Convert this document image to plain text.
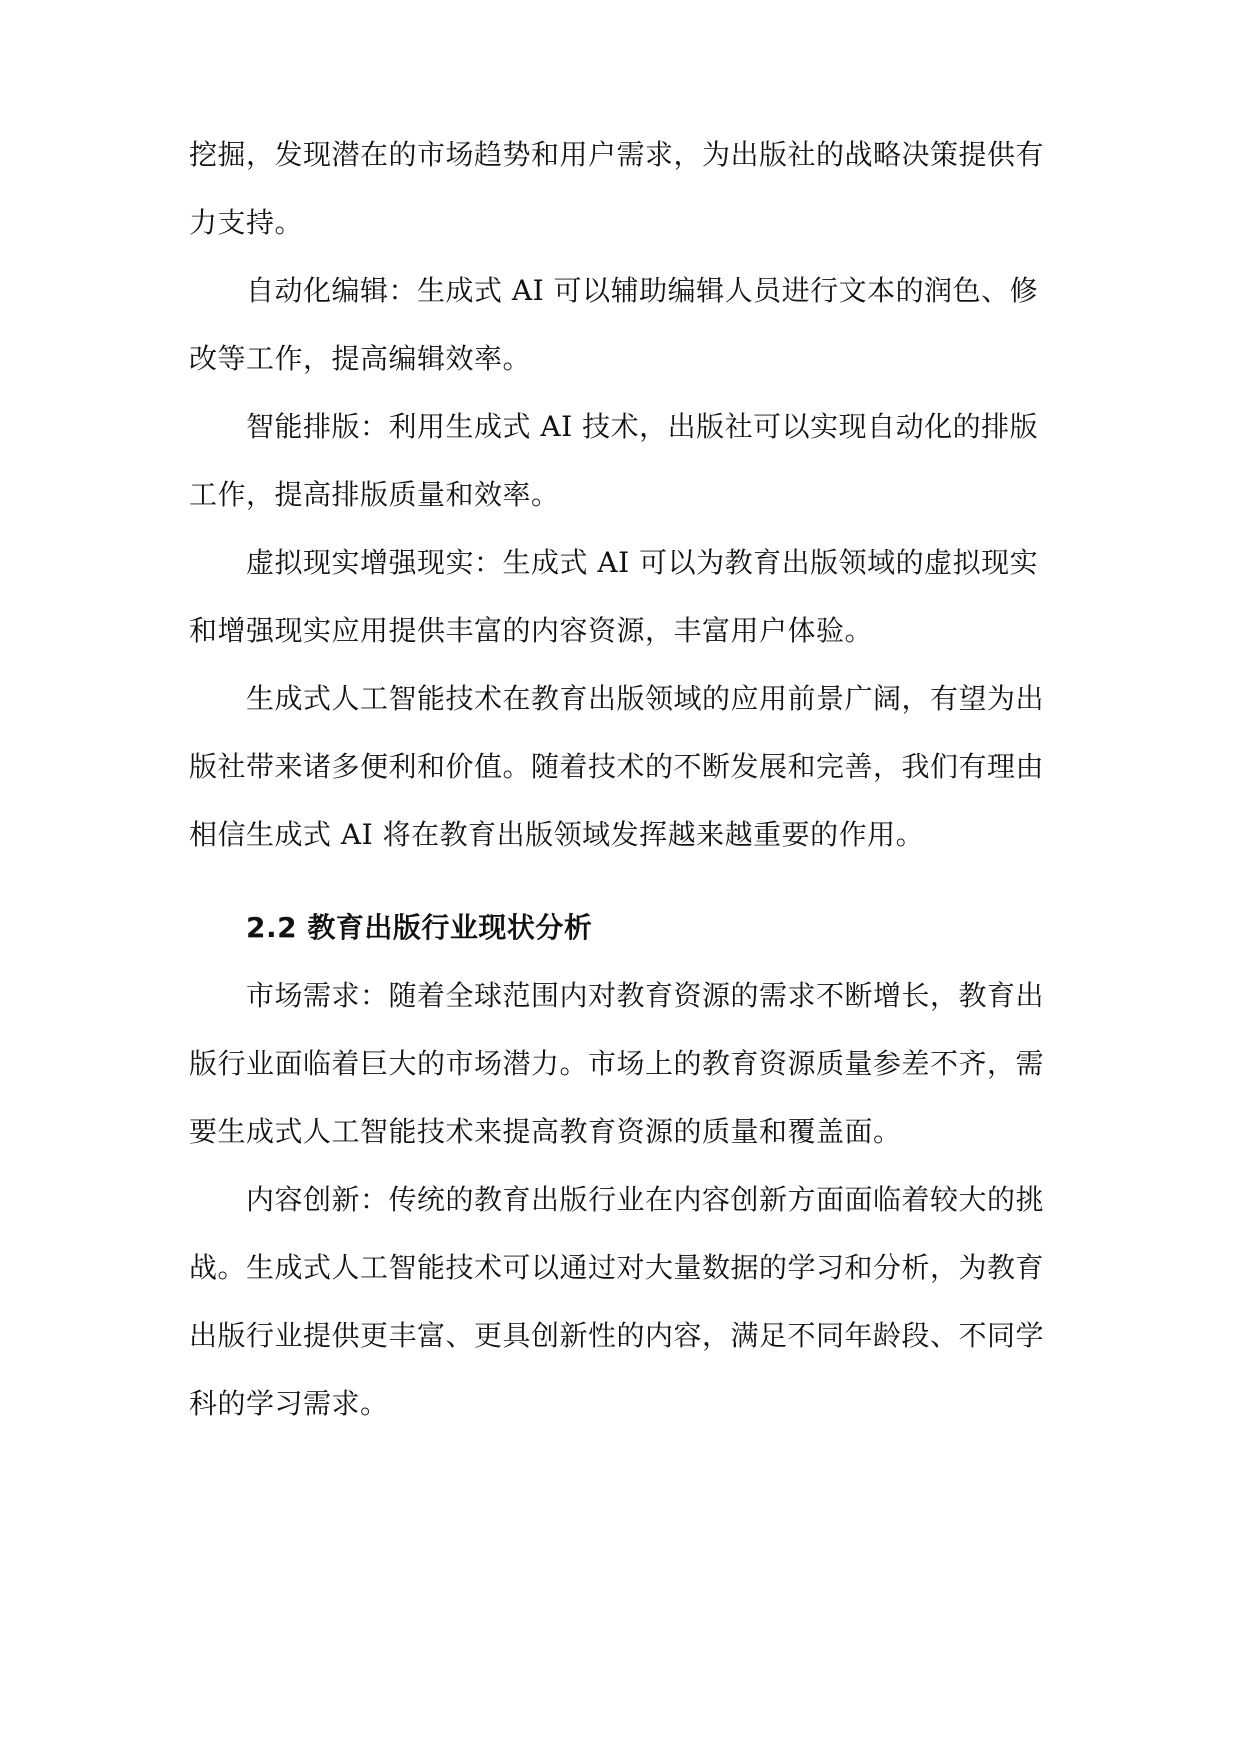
挖掘，发现潜在的市场趋势和用户需求，为出版社的战略决策提供有
力支持。
自动化编辑：生成式 AI 可以辅助编辑人员进行文本的润色、修
改等工作，提高编辑效率。
智能排版：利用生成式 AI 技术，出版社可以实现自动化的排版
工作，提高排版质量和效率。
虚拟现实增强现实：生成式 AI 可以为教育出版领域的虚拟现实
和增强现实应用提供丰富的内容资源，丰富用户体验。
生成式人工智能技术在教育出版领域的应用前景广阔，有望为出
版社带来诸多便利和价值。随着技术的不断发展和完善，我们有理由
相信生成式 AI 将在教育出版领域发挥越来越重要的作用。
2.2 教育出版行业现状分析
市场需求：随着全球范围内对教育资源的需求不断增长，教育出
版行业面临着巨大的市场潜力。市场上的教育资源质量参差不齐，需
要生成式人工智能技术来提高教育资源的质量和覆盖面。
内容创新：传统的教育出版行业在内容创新方面面临着较大的挑
战。生成式人工智能技术可以通过对大量数据的学习和分析，为教育
出版行业提供更丰富、更具创新性的内容，满足不同年龄段、不同学
科的学习需求。
